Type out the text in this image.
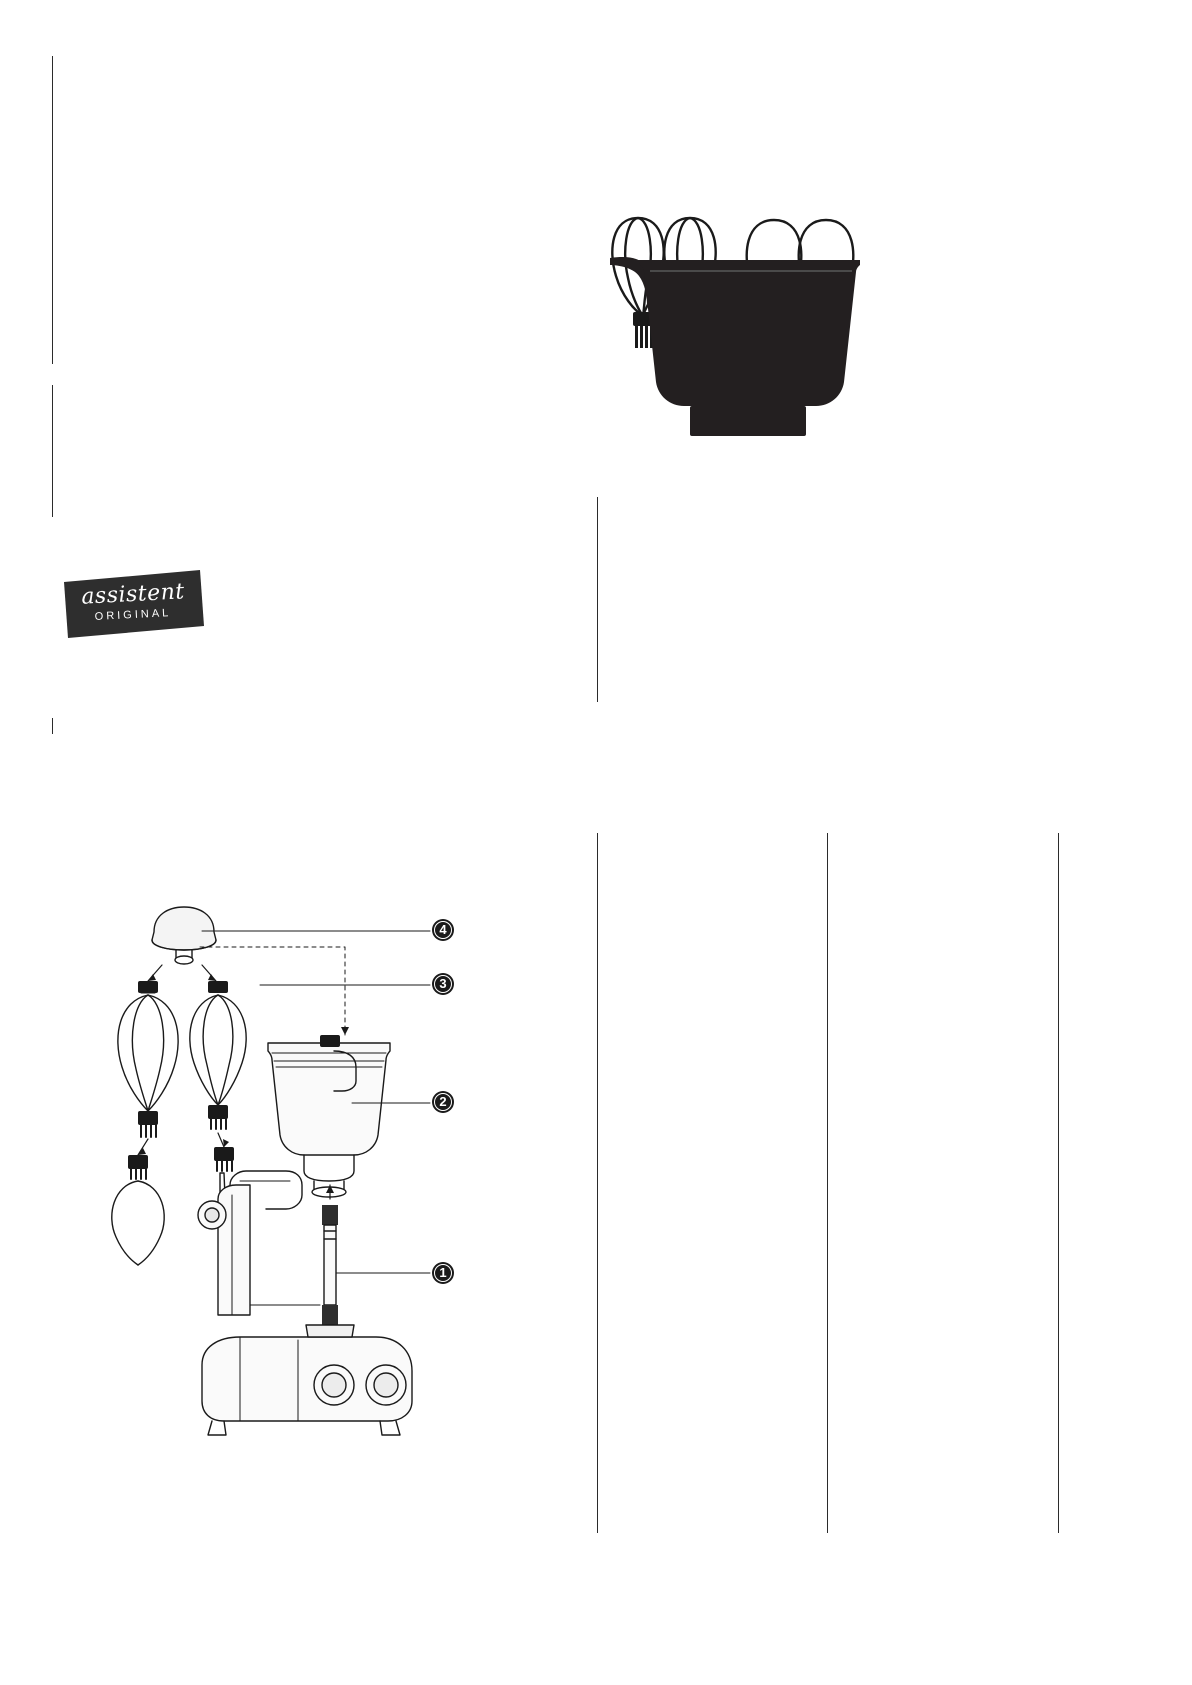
assistent
ORIGINAL
4
3
2
1
